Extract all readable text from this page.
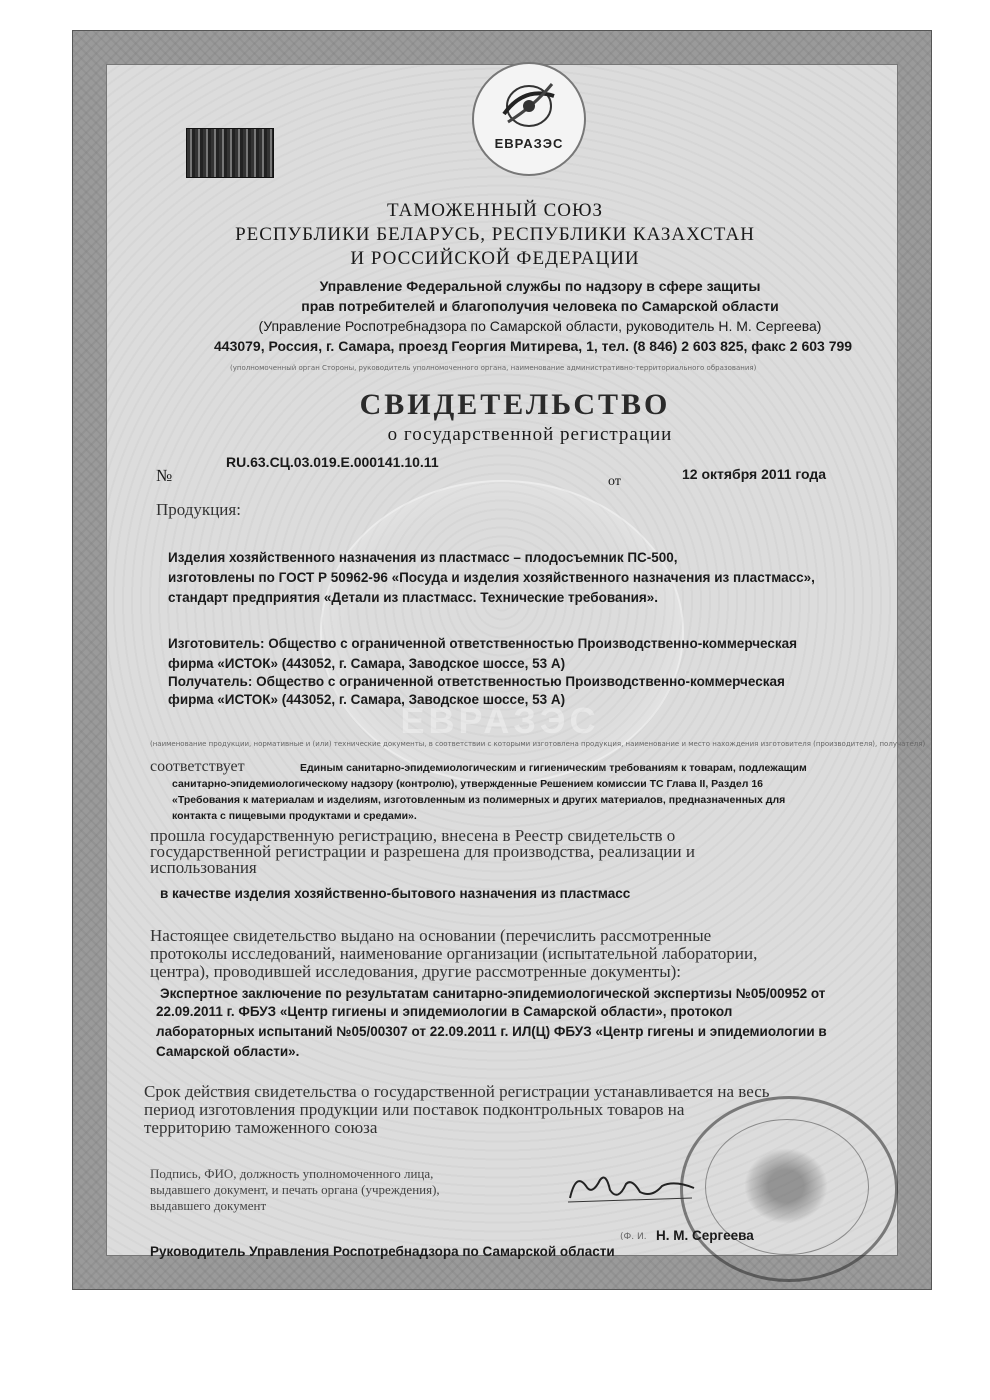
ЕВРАЗЭС
ЕВРАЗЭС
ТАМОЖЕННЫЙ СОЮЗ
РЕСПУБЛИКИ БЕЛАРУСЬ, РЕСПУБЛИКИ КАЗАХСТАН
И РОССИЙСКОЙ ФЕДЕРАЦИИ
Управление Федеральной службы по надзору в сфере защиты
прав потребителей и благополучия человека по Самарской области
(Управление Роспотребнадзора по Самарской области, руководитель Н. М. Сергеева)
443079, Россия, г. Самара, проезд Георгия Митирева, 1, тел. (8 846) 2 603 825, факс 2 603 799
(уполномоченный орган Стороны, руководитель уполномоченного органа, наименование административно-территориального образования)
СВИДЕТЕЛЬСТВО
о государственной регистрации
№
RU.63.СЦ.03.019.Е.000141.10.11
от	12 октября 2011 года
Продукция:
Изделия хозяйственного назначения из пластмасс – плодосъемник ПС-500,
изготовлены по ГОСТ Р 50962-96 «Посуда и изделия хозяйственного назначения из пластмасс»,
стандарт предприятия «Детали из пластмасс. Технические требования».
Изготовитель: Общество с ограниченной ответственностью Производственно-коммерческая
фирма «ИСТОК» (443052, г. Самара, Заводское шоссе, 53 А)
Получатель: Общество с ограниченной ответственностью Производственно-коммерческая
фирма «ИСТОК» (443052, г. Самара, Заводское шоссе, 53 А)
(наименование продукции, нормативные и (или) технические документы, в соответствии с которыми изготовлена продукция, наименование и место нахождения изготовителя (производителя), получателя)
соответствует	Единым санитарно-эпидемиологическим и гигиеническим требованиям к товарам, подлежащим
санитарно-эпидемиологическому надзору (контролю), утвержденные Решением комиссии ТС Глава II, Раздел 16
«Требования к материалам и изделиям, изготовленным из полимерных и других материалов, предназначенных для
контакта с пищевыми продуктами и средами».
прошла государственную регистрацию, внесена в Реестр свидетельств о
государственной регистрации и разрешена для производства, реализации и
использования
в качестве изделия хозяйственно-бытового назначения из пластмасс
Настоящее свидетельство выдано на основании (перечислить рассмотренные
протоколы исследований, наименование организации (испытательной лаборатории,
центра), проводившей исследования, другие рассмотренные документы):
Экспертное заключение по результатам санитарно-эпидемиологической экспертизы №05/00952 от
22.09.2011 г. ФБУЗ «Центр гигиены и эпидемиологии в Самарской области», протокол
лабораторных испытаний №05/00307 от 22.09.2011 г. ИЛ(Ц) ФБУЗ «Центр гигены и эпидемиологии в
Самарской области».
Срок действия свидетельства о государственной регистрации устанавливается на весь
период изготовления продукции или поставок подконтрольных товаров на
территорию таможенного союза
Подпись, ФИО, должность уполномоченного лица,
выдавшего документ, и печать органа (учреждения),
выдавшего документ
(Ф. И. Н. М. Сергеева
Руководитель Управления Роспотребнадзора по Самарской области
